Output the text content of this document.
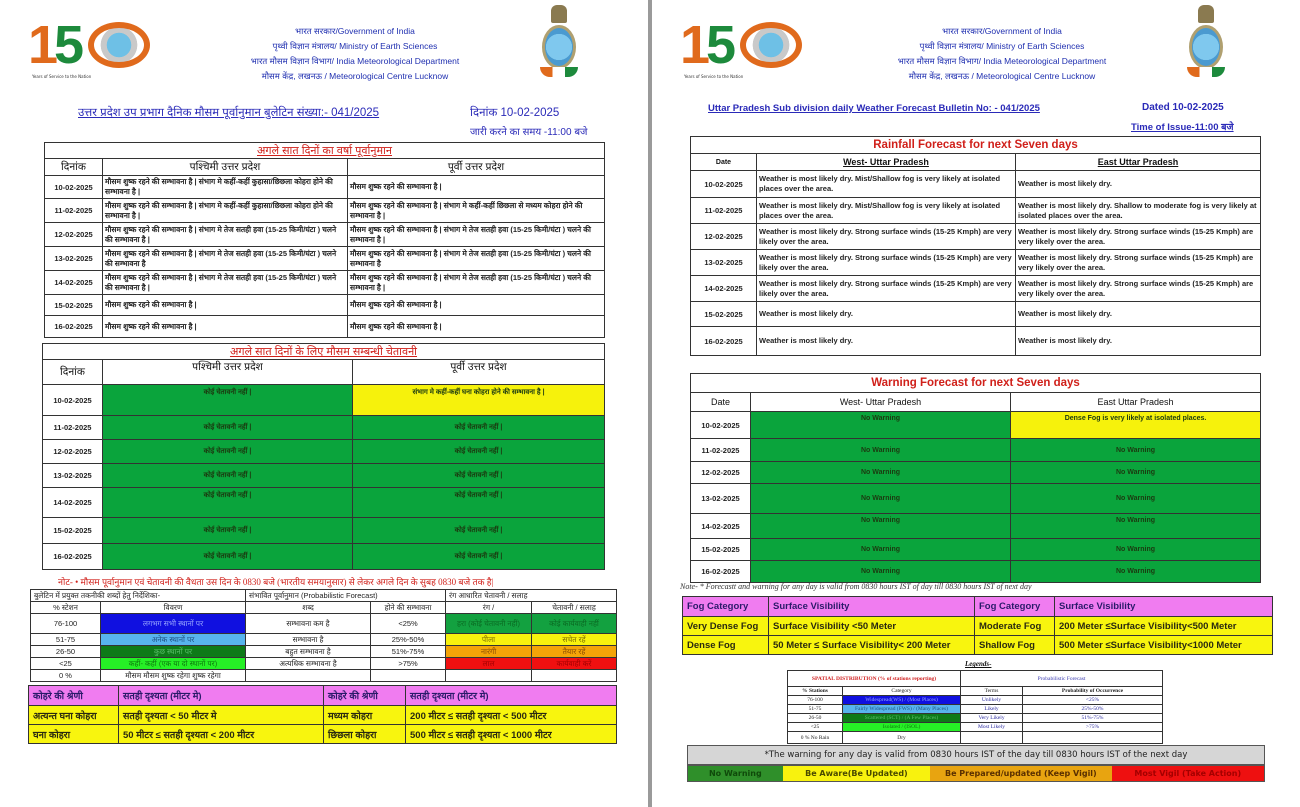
1 5
Years of Service to the Nation
भारत सरकार/Government of India
पृथ्वी विज्ञान मंत्रालय/ Ministry of Earth Sciences
भारत मौसम विज्ञान विभाग/ India Meteorological Department
मौसम केंद्र, लखनऊ / Meteorological Centre Lucknow
उत्तर प्रदेश उप प्रभाग दैनिक मौसम पूर्वानुमान बुलेटिन संख्या:- 041/2025	दिनांक 10-02-2025
जारी करने का समय -11:00 बजे
अगले सात दिनों का वर्षा पूर्वानुमान		
दिनांक	पश्चिमी उत्तर प्रदेश	पूर्वी उत्तर प्रदेश
10-02-2025	मौसम शुष्क रहने की सम्भावना है | संभाग मे कहीं-कहीं कुहासा/छिछला कोहरा होने की सम्भावना है |	मौसम शुष्क रहने की सम्भावना है |
11-02-2025	मौसम शुष्क रहने की सम्भावना है | संभाग मे कहीं-कहीं कुहासा/छिछला कोहरा होने की सम्भावना है |	मौसम शुष्क रहने की सम्भावना है | संभाग मे कहीं-कहीं छिछला से मध्यम कोहरा होने की सम्भावना है |
12-02-2025	मौसम शुष्क रहने की सम्भावना है | संभाग मे तेज सतही हवा (15-25 किमी/घंटा ) चलने की सम्भावना है |	मौसम शुष्क रहने की सम्भावना है | संभाग मे तेज सतही हवा (15-25 किमी/घंटा ) चलने की सम्भावना है |
13-02-2025	मौसम शुष्क रहने की सम्भावना है | संभाग मे तेज सतही हवा (15-25 किमी/घंटा ) चलने की सम्भावना है	मौसम शुष्क रहने की सम्भावना है | संभाग मे तेज सतही हवा (15-25 किमी/घंटा ) चलने की सम्भावना है
14-02-2025	मौसम शुष्क रहने की सम्भावना है | संभाग मे तेज सतही हवा (15-25 किमी/घंटा ) चलने की सम्भावना है |	मौसम शुष्क रहने की सम्भावना है | संभाग मे तेज सतही हवा (15-25 किमी/घंटा ) चलने की सम्भावना है |
15-02-2025	मौसम शुष्क रहने की सम्भावना है |	मौसम शुष्क रहने की सम्भावना है |
16-02-2025	मौसम शुष्क रहने की सम्भावना है |	मौसम शुष्क रहने की सम्भावना है |
अगले सात दिनों के लिए मौसम सम्बन्धी चेतावनी		
दिनांक	पश्चिमी उत्तर प्रदेश	पूर्वी उत्तर प्रदेश
10-02-2025	कोई चेतावनी नहीं |	संभाग मे कहीं-कहीं घना कोहरा होने की सम्भावना है |
11-02-2025	कोई चेतावनी नहीं |	कोई चेतावनी नहीं |
12-02-2025	कोई चेतावनी नहीं |	कोई चेतावनी नहीं |
13-02-2025	कोई चेतावनी नहीं |	कोई चेतावनी नहीं |
14-02-2025	कोई चेतावनी नहीं |	कोई चेतावनी नहीं |
15-02-2025	कोई चेतावनी नहीं |	कोई चेतावनी नहीं |
16-02-2025	कोई चेतावनी नहीं |	कोई चेतावनी नहीं |
नोट- • मौसम पूर्वानुमान एवं चेतावनी की वैधता उस दिन के 0830 बजे (भारतीय समयानुसार) से लेकर अगले दिन के सुबह 0830 बजे तक है|
बुलेटिन में प्रयुक्त तकनीकी शब्दों हेतु निर्देशिका-		संभावित पूर्वानुमान (Probabilistic Forecast)		रंग आधारित चेतावनी / सलाह	
% स्टेशन	विवरण	शब्द	होने की सम्भावना	रंग /	चेतावनी / सलाह
76-100	लगभग सभी स्थानों पर	सम्भावना कम है	<25%	हरा (कोई चेतावनी नहीं)	कोई कार्यवाही नहीं
51-75	अनेक स्थानों पर	सम्भावना है	25%-50%	पीला	सचेत रहें
26-50	कुछ स्थानों पर	बहुत सम्भावना है	51%-75%	नारंगी	तैयार रहें
<25	कहीं- कहीं (एक या दो स्थानों पर)	अत्यधिक सम्भावना है	>75%	लाल	कार्यवाही करें
0 %	मौसम मौसम शुष्क रहेगा शुष्क रहेगा				
कोहरे की श्रेणी	सतही दृश्यता (मीटर मे)	कोहरे की श्रेणी	सतही दृश्यता (मीटर मे)
अत्यन्त घना कोहरा	सतही दृश्यता < 50 मीटर मे	मध्यम कोहरा	200 मीटर ≤ सतही दृश्यता < 500 मीटर
घना कोहरा	50 मीटर ≤ सतही दृश्यता < 200 मीटर	छिछला कोहरा	500 मीटर ≤ सतही दृश्यता < 1000 मीटर
1 5
Years of Service to the Nation
भारत सरकार/Government of India
पृथ्वी विज्ञान मंत्रालय/ Ministry of Earth Sciences
भारत मौसम विज्ञान विभाग/ India Meteorological Department
मौसम केंद्र, लखनऊ / Meteorological Centre Lucknow
Uttar Pradesh Sub division daily Weather Forecast Bulletin No: - 041/2025	Dated 10-02-2025
Time of Issue-11:00 बजे
Rainfall Forecast for next Seven days		
Date	West- Uttar Pradesh	East Uttar Pradesh
10-02-2025	Weather is most likely dry. Mist/Shallow fog is very likely at isolated places over the area.	Weather is most likely dry.
11-02-2025	Weather is most likely dry. Mist/Shallow fog is very likely at isolated places over the area.	Weather is most likely dry. Shallow to moderate fog is very likely at isolated places over the area.
12-02-2025	Weather is most likely dry. Strong surface winds (15-25 Kmph) are very likely over the area.	Weather is most likely dry. Strong surface winds (15-25 Kmph) are very likely over the area.
13-02-2025	Weather is most likely dry. Strong surface winds (15-25 Kmph) are very likely over the area.	Weather is most likely dry. Strong surface winds (15-25 Kmph) are very likely over the area.
14-02-2025	Weather is most likely dry. Strong surface winds (15-25 Kmph) are very likely over the area.	Weather is most likely dry. Strong surface winds (15-25 Kmph) are very likely over the area.
15-02-2025	Weather is most likely dry.	Weather is most likely dry.
16-02-2025	Weather is most likely dry.	Weather is most likely dry.
Warning Forecast for next Seven days		
Date	West- Uttar Pradesh	East Uttar Pradesh
10-02-2025	No Warning	Dense Fog is very likely at isolated places.
11-02-2025	No Warning	No Warning
12-02-2025	No Warning	No Warning
13-02-2025	No Warning	No Warning
14-02-2025	No Warning	No Warning
15-02-2025	No Warning	No Warning
16-02-2025	No Warning	No Warning
Note- * Forecastt and warning for any day is valid from 0830 hours IST of day till 0830 hours IST of next day
Fog Category	Surface Visibility	Fog Category	Surface Visibility
Very Dense Fog	Surface Visibility <50 Meter	Moderate Fog	200 Meter ≤Surface Visibility<500 Meter
Dense Fog	50 Meter ≤ Surface Visibility< 200 Meter	Shallow Fog	500 Meter ≤Surface Visibility<1000 Meter
Legends-
SPATIAL DISTRIBUTION (% of stations reporting)		Probabilistic Forecast	
% Stations	Category	Terms	Probability of Occurrence
76-100	Widespread(WS) / (Most Places)	Unlikely	<25%
51-75	Fairly Widespread (FWS) / (Many Places)	Likely	25%-50%
26-50	Scattered (SCT) / (A Few Places)	Very Likely	51%-75%
<25	Isolated / (ISOL)	Most Likely	>75%
0 % No Rain	Dry		
*The warning for any day is valid from 0830 hours IST of the day till 0830 hours IST of the next day
No Warning	Be Aware(Be Updated)	Be Prepared/updated (Keep Vigil)	Most Vigil (Take Action)
